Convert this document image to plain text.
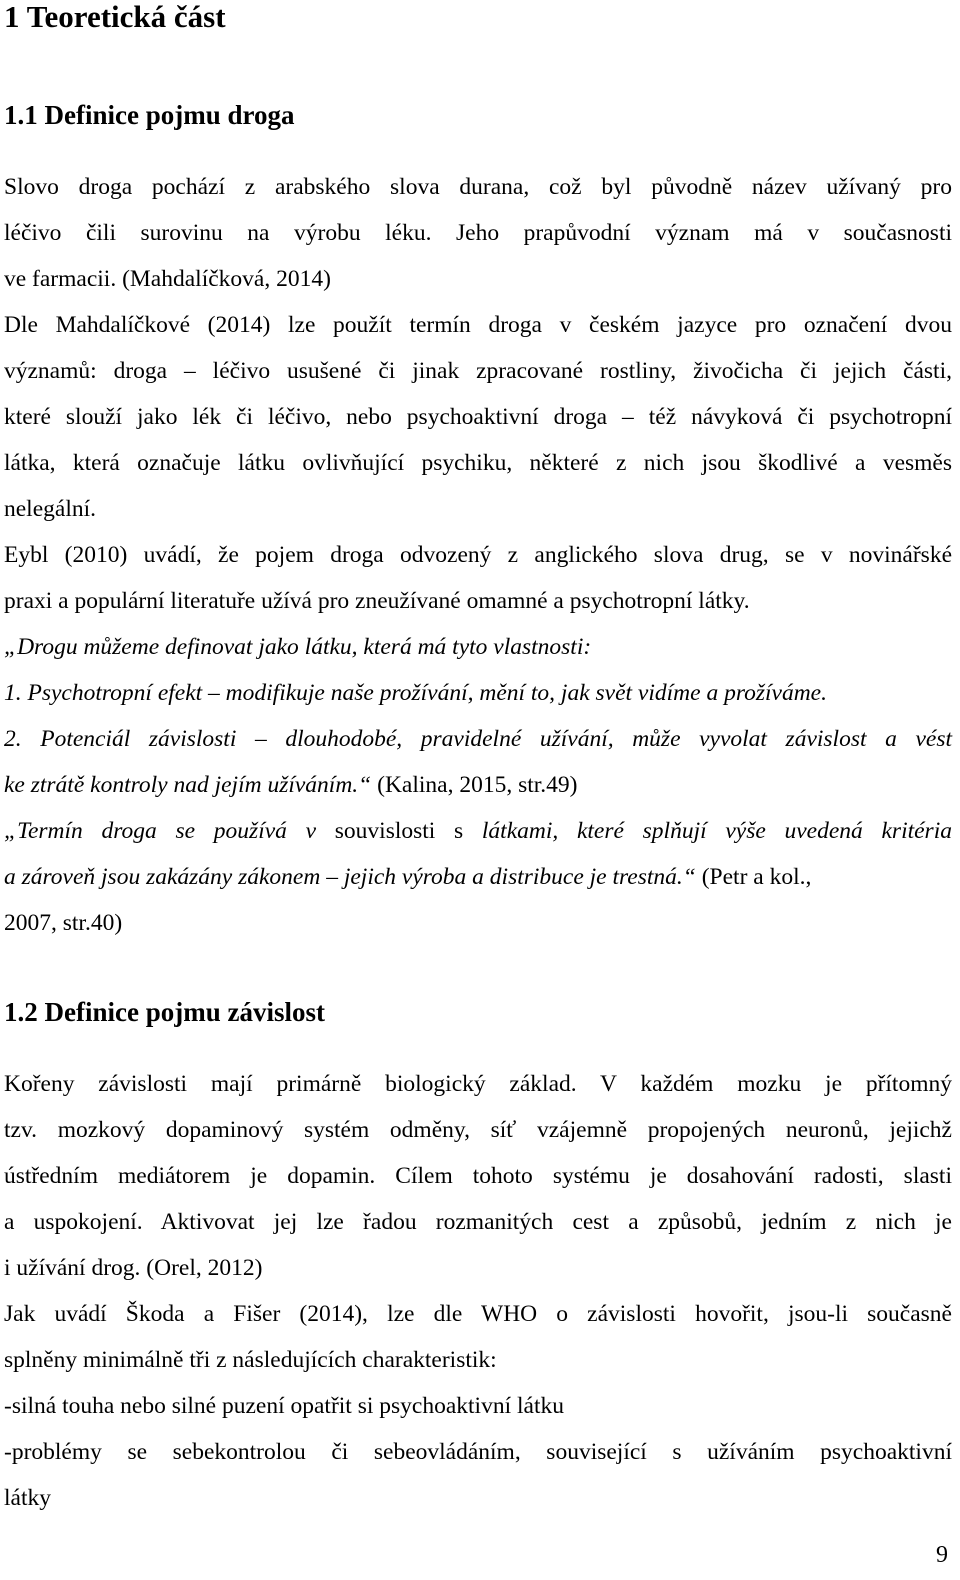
1 Teoretická část
1.1 Definice pojmu droga
Slovo droga pochází z arabského slova durana, což byl původně název užívaný pro
léčivo čili surovinu na výrobu léku. Jeho prapůvodní význam má v současnosti
ve farmacii. (Mahdalíčková, 2014)
Dle Mahdalíčkové (2014) lze použít termín droga v českém jazyce pro označení dvou
významů: droga – léčivo usušené či jinak zpracované rostliny, živočicha či jejich části,
které slouží jako lék či léčivo, nebo psychoaktivní droga – též návyková či psychotropní
látka, která označuje látku ovlivňující psychiku, některé z nich jsou škodlivé a vesměs
nelegální.
Eybl (2010) uvádí, že pojem droga odvozený z anglického slova drug, se v novinářské
praxi a populární literatuře užívá pro zneužívané omamné a psychotropní látky.
„Drogu můžeme definovat jako látku, která má tyto vlastnosti:
1. Psychotropní efekt – modifikuje naše prožívání, mění to, jak svět vidíme a prožíváme.
2. Potenciál závislosti – dlouhodobé, pravidelné užívání, může vyvolat závislost a vést
ke ztrátě kontroly nad jejím užíváním.“ (Kalina, 2015, str.49)
„Termín droga se používá v souvislosti s látkami, které splňují výše uvedená kritéria
a zároveň jsou zakázány zákonem – jejich výroba a distribuce je trestná.“ (Petr a kol.,
2007, str.40)
1.2 Definice pojmu závislost
Kořeny závislosti mají primárně biologický základ. V každém mozku je přítomný
tzv. mozkový dopaminový systém odměny, síť vzájemně propojených neuronů, jejichž
ústředním mediátorem je dopamin. Cílem tohoto systému je dosahování radosti, slasti
a uspokojení. Aktivovat jej lze řadou rozmanitých cest a způsobů, jedním z nich je
i užívání drog. (Orel, 2012)
Jak uvádí Škoda a Fišer (2014), lze dle WHO o závislosti hovořit, jsou-li současně
splněny minimálně tři z následujících charakteristik:
-silná touha nebo silné puzení opatřit si psychoaktivní látku
-problémy se sebekontrolou či sebeovládáním, související s užíváním psychoaktivní
látky
9
